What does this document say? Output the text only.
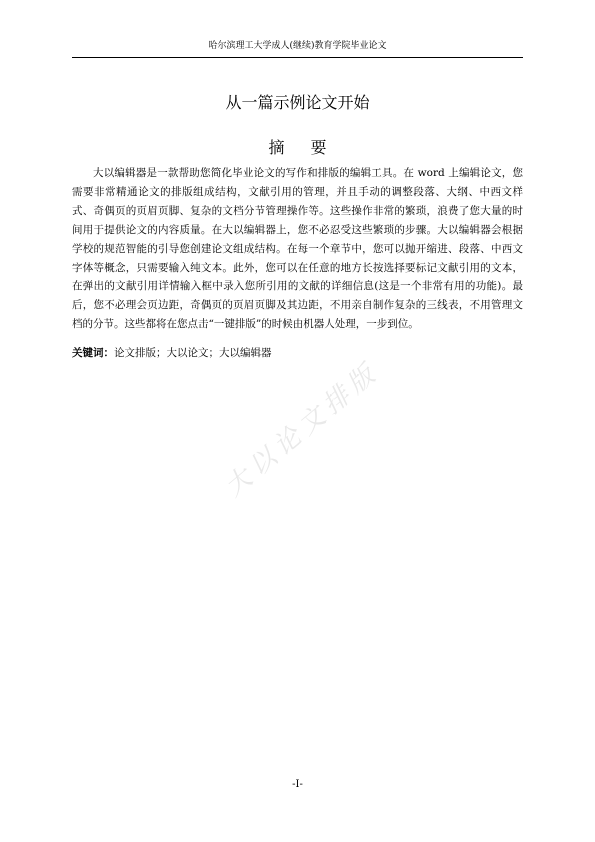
哈尔滨理工大学成人(继续)教育学院毕业论文
从一篇示例论文开始
摘要

大以编辑器是一款帮助您简化毕业论文的写作和排版的编辑工具。在 word 上编辑论文，您需要非常精通论文的排版组成结构，文献引用的管理，并且手动的调整段落、大纲、中西文样式、奇偶页的页眉页脚、复杂的文档分节管理操作等。这些操作非常的繁琐，浪费了您大量的时间用于提供论文的内容质量。在大以编辑器上，您不必忍受这些繁琐的步骤。大以编辑器会根据学校的规范智能的引导您创建论文组成结构。在每一个章节中，您可以抛开缩进、段落、中西文字体等概念，只需要输入纯文本。此外，您可以在任意的地方长按选择要标记文献引用的文本，在弹出的文献引用详情输入框中录入您所引用的文献的详细信息(这是一个非常有用的功能)。最后，您不必理会页边距，奇偶页的页眉页脚及其边距，不用亲自制作复杂的三线表，不用管理文档的分节。这些都将在您点击“一键排版”的时候由机器人处理，一步到位。

关键词：论文排版；大以论文；大以编辑器
大以论文排版
-I-
